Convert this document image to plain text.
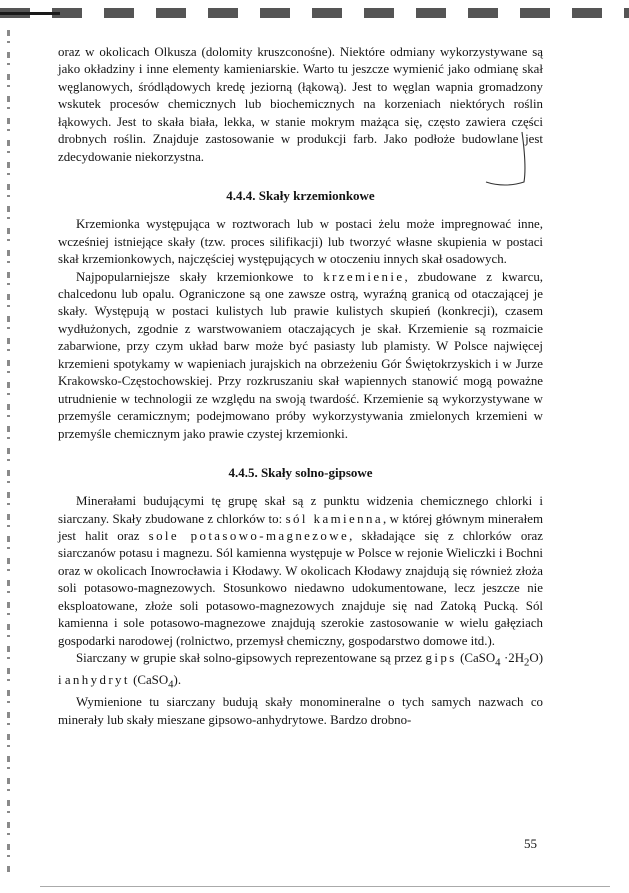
oraz w okolicach Olkusza (dolomity kruszconośne). Niektóre odmiany wykorzystywane są jako okładziny i inne elementy kamieniarskie. Warto tu jeszcze wymienić jako odmianę skał węglanowych, śródlądowych kredę jeziorną (łąkową). Jest to węglan wapnia gromadzony wskutek procesów chemicznych lub biochemicznych na korzeniach niektórych roślin łąkowych. Jest to skała biała, lekka, w stanie mokrym mażąca się, często zawiera części drobnych roślin. Znajduje zastosowanie w produkcji farb. Jako podłoże budowlane jest zdecydowanie niekorzystna.

4.4.4. Skały krzemionkowe

Krzemionka występująca w roztworach lub w postaci żelu może impregnować inne, wcześniej istniejące skały (tzw. proces silifikacji) lub tworzyć własne skupienia w postaci skał krzemionkowych, najczęściej występujących w otoczeniu innych skał osadowych.

Najpopularniejsze skały krzemionkowe to krzemienie, zbudowane z kwarcu, chalcedonu lub opalu. Ograniczone są one zawsze ostrą, wyraźną granicą od otaczającej je skały. Występują w postaci kulistych lub prawie kulistych skupień (konkrecji), czasem wydłużonych, zgodnie z warstwowaniem otaczających je skał. Krzemienie są rozmaicie zabarwione, przy czym układ barw może być pasiasty lub plamisty. W Polsce najwięcej krzemieni spotykamy w wapieniach jurajskich na obrzeżeniu Gór Świętokrzyskich i w Jurze Krakowsko-Częstochowskiej. Przy rozkruszaniu skał wapiennych stanowić mogą poważne utrudnienie w technologii ze względu na swoją twardość. Krzemienie są wykorzystywane w przemyśle ceramicznym; podejmowano próby wykorzystywania zmielonych krzemieni w przemyśle chemicznym jako prawie czystej krzemionki.

4.4.5. Skały solno-gipsowe

Minerałami budującymi tę grupę skał są z punktu widzenia chemicznego chlorki i siarczany. Skały zbudowane z chlorków to: sól kamienna, w której głównym minerałem jest halit oraz sole potasowo-magnezowe, składające się z chlorków oraz siarczanów potasu i magnezu. Sól kamienna występuje w Polsce w rejonie Wieliczki i Bochni oraz w okolicach Inowrocławia i Kłodawy. W okolicach Kłodawy znajdują się również złoża soli potasowo-magnezowych. Stosunkowo niedawno udokumentowane, lecz jeszcze nie eksploatowane, złoże soli potasowo-magnezowych znajduje się nad Zatoką Pucką. Sól kamienna i sole potasowo-magnezowe znajdują szerokie zastosowanie w wielu gałęziach gospodarki narodowej (rolnictwo, przemysł chemiczny, gospodarstwo domowe itd.).

Siarczany w grupie skał solno-gipsowych reprezentowane są przez gips (CaSO$_4$ $\cdot 2H_2O$) i anhydryt (CaSO$_4$).

Wymienione tu siarczany budują skały monomineralne o tych samych nazwach co minerały lub skały mieszane gipsowo-anhydrytowe. Bardzo drobno-

55
